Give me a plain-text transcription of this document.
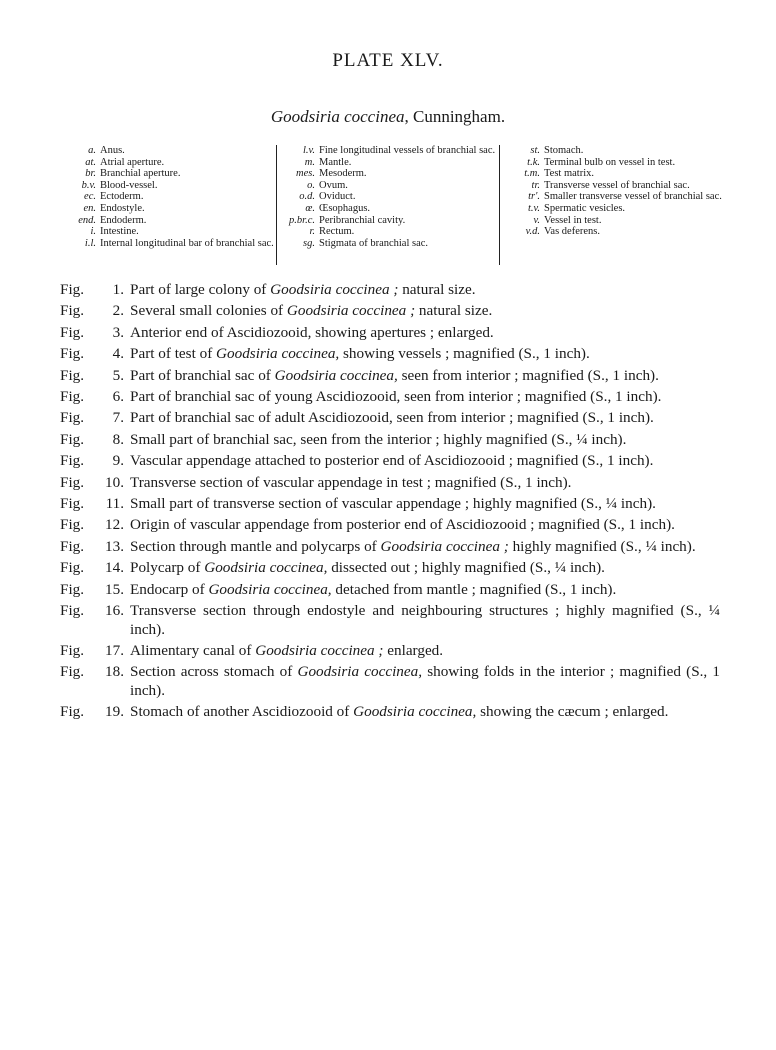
PLATE XLV.
Goodsiria coccinea, Cunningham.
a. Anus.
at. Atrial aperture.
br. Branchial aperture.
b.v. Blood-vessel.
ec. Ectoderm.
en. Endostyle.
end. Endoderm.
i. Intestine.
i.l. Internal longitudinal bar of branchial sac.
l.v. Fine longitudinal vessels of branchial sac.
m. Mantle.
mes. Mesoderm.
o. Ovum.
o.d. Oviduct.
œ. Œsophagus.
p.br.c. Peribranchial cavity.
r. Rectum.
sg. Stigmata of branchial sac.
st. Stomach.
t.k. Terminal bulb on vessel in test.
t.m. Test matrix.
tr. Transverse vessel of branchial sac.
tr'. Smaller transverse vessel of branchial sac.
t.v. Spermatic vesicles.
v. Vessel in test.
v.d. Vas deferens.
Fig.	1. Part of large colony of Goodsiria coccinea ; natural size.
Fig.	2. Several small colonies of Goodsiria coccinea ; natural size.
Fig.	3. Anterior end of Ascidiozooid, showing apertures ; enlarged.
Fig.	4. Part of test of Goodsiria coccinea, showing vessels ; magnified (S., 1 inch).
Fig.	5. Part of branchial sac of Goodsiria coccinea, seen from interior ; magnified (S., 1 inch).
Fig.	6. Part of branchial sac of young Ascidiozooid, seen from interior ; magnified (S., 1 inch).
Fig.	7. Part of branchial sac of adult Ascidiozooid, seen from interior ; magnified (S., 1 inch).
Fig.	8. Small part of branchial sac, seen from the interior ; highly magnified (S., ¼ inch).
Fig.	9. Vascular appendage attached to posterior end of Ascidiozooid ; magnified (S., 1 inch).
Fig.	10. Transverse section of vascular appendage in test ; magnified (S., 1 inch).
Fig.	11. Small part of transverse section of vascular appendage ; highly magnified (S., ¼ inch).
Fig.	12. Origin of vascular appendage from posterior end of Ascidiozooid ; magnified (S., 1 inch).
Fig.	13. Section through mantle and polycarps of Goodsiria coccinea ; highly magnified (S., ¼ inch).
Fig.	14. Polycarp of Goodsiria coccinea, dissected out ; highly magnified (S., ¼ inch).
Fig.	15. Endocarp of Goodsiria coccinea, detached from mantle ; magnified (S., 1 inch).
Fig.	16. Transverse section through endostyle and neighbouring structures ; highly magnified (S., ¼ inch).
Fig.	17. Alimentary canal of Goodsiria coccinea ; enlarged.
Fig.	18. Section across stomach of Goodsiria coccinea, showing folds in the interior ; magnified (S., 1 inch).
Fig.	19. Stomach of another Ascidiozooid of Goodsiria coccinea, showing the cæcum ; enlarged.
